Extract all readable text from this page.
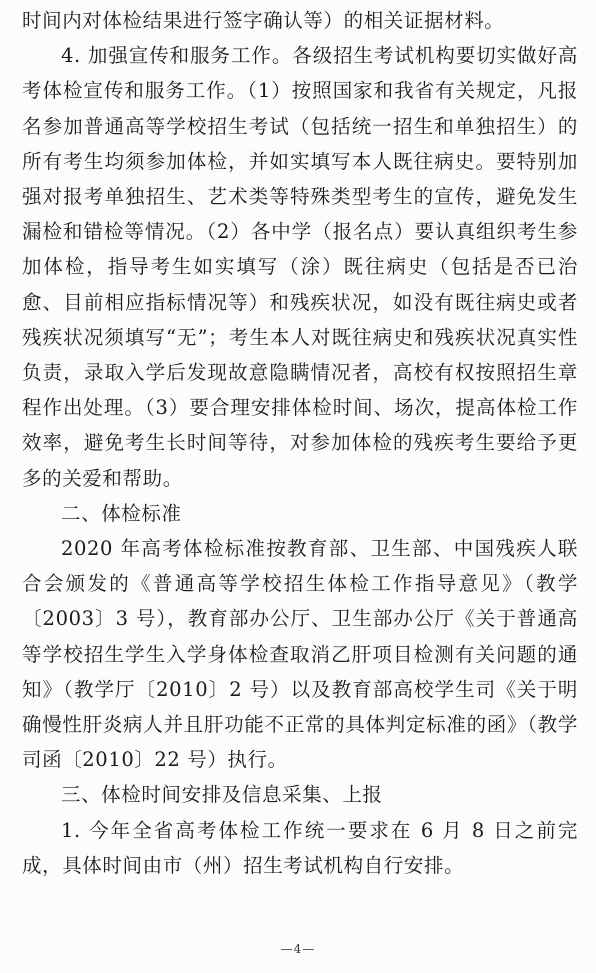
时间内对体检结果进行签字确认等）的相关证据材料。

4. 加强宣传和服务工作。各级招生考试机构要切实做好高考体检宣传和服务工作。（1）按照国家和我省有关规定，凡报名参加普通高等学校招生考试（包括统一招生和单独招生）的所有考生均须参加体检，并如实填写本人既往病史。要特别加强对报考单独招生、艺术类等特殊类型考生的宣传，避免发生漏检和错检等情况。（2）各中学（报名点）要认真组织考生参加体检，指导考生如实填写（涂）既往病史（包括是否已治愈、目前相应指标情况等）和残疾状况，如没有既往病史或者残疾状况须填写“无”；考生本人对既往病史和残疾状况真实性负责，录取入学后发现故意隐瞒情况者，高校有权按照招生章程作出处理。（3）要合理安排体检时间、场次，提高体检工作效率，避免考生长时间等待，对参加体检的残疾考生要给予更多的关爱和帮助。

二、体检标准

2020 年高考体检标准按教育部、卫生部、中国残疾人联合会颁发的《普通高等学校招生体检工作指导意见》（教学〔2003〕3 号），教育部办公厅、卫生部办公厅《关于普通高等学校招生学生入学身体检查取消乙肝项目检测有关问题的通知》（教学厅〔2010〕2 号）以及教育部高校学生司《关于明确慢性肝炎病人并且肝功能不正常的具体判定标准的函》（教学司函〔2010〕22 号）执行。

三、体检时间安排及信息采集、上报

1. 今年全省高考体检工作统一要求在 6 月 8 日之前完成，具体时间由市（州）招生考试机构自行安排。

—4—
